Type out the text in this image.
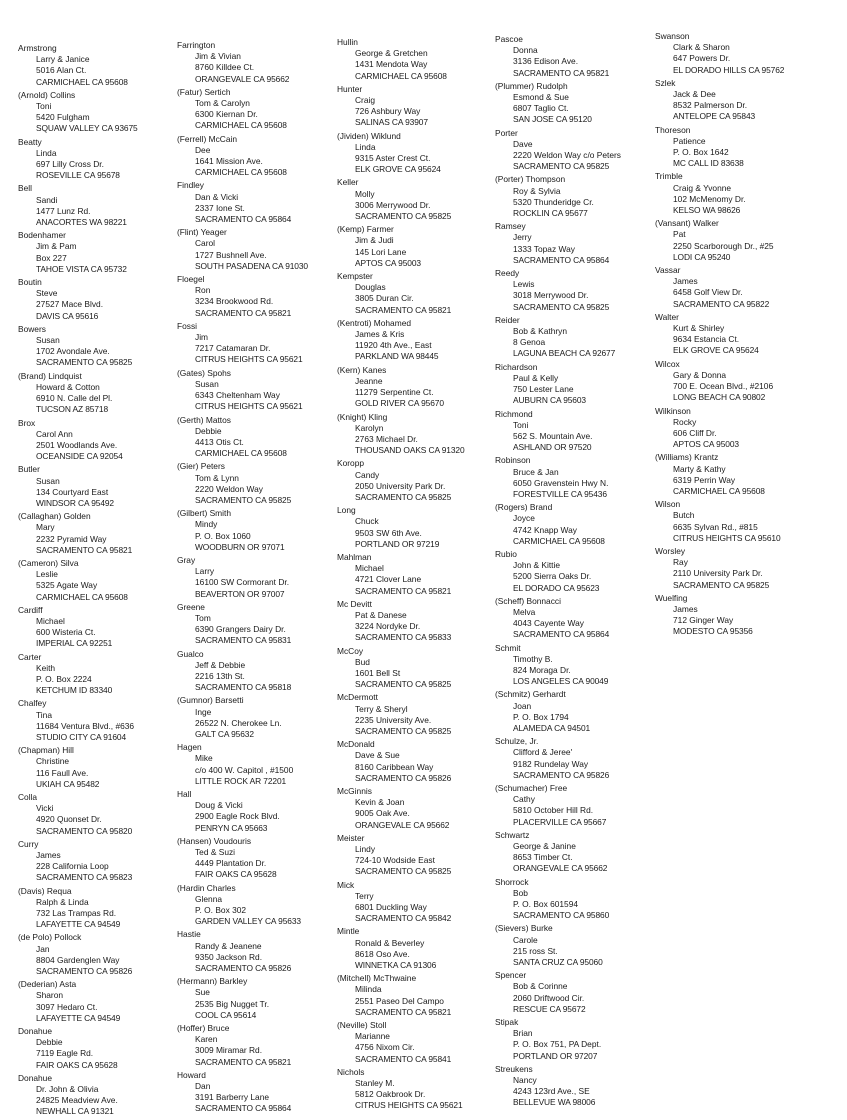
Armstrong
Larry & Janice
5016 Alan Ct.
CARMICHAEL CA 95608
(Arnold) Collins
Toni
5420 Fulgham
SQUAW VALLEY CA 93675
Beatty
Linda
697 Lilly Cross Dr.
ROSEVILLE CA 95678
Bell
Sandi
1477 Lunz Rd.
ANACORTES WA 98221
Bodenhamer
Jim & Pam
Box 227
TAHOE VISTA CA 95732
Boutin
Steve
27527 Mace Blvd.
DAVIS CA 95616
Bowers
Susan
1702 Avondale Ave.
SACRAMENTO CA 95825
(Brand) Lindquist
Howard & Cotton
6910 N. Calle del Pl.
TUCSON AZ 85718
Brox
Carol Ann
2501 Woodlands Ave.
OCEANSIDE CA 92054
Butler
Susan
134 Courtyard East
WINDSOR CA 95492
(Callaghan) Golden
Mary
2232 Pyramid Way
SACRAMENTO CA 95821
(Cameron) Silva
Leslie
5325 Agate Way
CARMICHAEL CA 95608
Cardiff
Michael
600 Wisteria Ct.
IMPERIAL CA 92251
Carter
Keith
P. O. Box 2224
KETCHUM ID 83340
Chalfey
Tina
11684 Ventura Blvd., #636
STUDIO CITY CA 91604
(Chapman) Hill
Christine
116 Faull Ave.
UKIAH CA 95482
Colla
Vicki
4920 Quonset Dr.
SACRAMENTO CA 95820
Curry
James
228 California Loop
SACRAMENTO CA 95823
(Davis) Requa
Ralph & Linda
732 Las Trampas Rd.
LAFAYETTE CA 94549
(de Polo) Pollock
Jan
8804 Gardenglen Way
SACRAMENTO CA 95826
(Dederian) Asta
Sharon
3097 Hedaro Ct.
LAFAYETTE CA 94549
Donahue
Debbie
7119 Eagle Rd.
FAIR OAKS CA 95628
Donahue
Dr. John & Olivia
24825 Meadview Ave.
NEWHALL CA 91321
Farrington
Jim & Vivian
8760 Killdee Ct.
ORANGEVALE CA 95662
(Fatur) Sertich
Tom & Carolyn
6300 Kiernan Dr.
CARMICHAEL CA 95608
(Ferrell) McCain
Dee
1641 Mission Ave.
CARMICHAEL CA 95608
Findley
Dan & Vicki
2337 Ione St.
SACRAMENTO CA 95864
(Flint) Yeager
Carol
1727 Bushnell Ave.
SOUTH PASADENA CA 91030
Floegel
Ron
3234 Brookwood Rd.
SACRAMENTO CA 95821
Fossi
Jim
7217 Catamaran Dr.
CITRUS HEIGHTS CA 95621
(Gates) Spohs
Susan
6343 Cheltenham Way
CITRUS HEIGHTS CA 95621
(Gerth) Mattos
Debbie
4413 Otis Ct.
CARMICHAEL CA 95608
(Gier) Peters
Tom & Lynn
2220 Weldon Way
SACRAMENTO CA 95825
(Gilbert) Smith
Mindy
P. O. Box 1060
WOODBURN OR 97071
Gray
Larry
16100 SW Cormorant Dr.
BEAVERTON OR 97007
Greene
Tom
6390 Grangers Dairy Dr.
SACRAMENTO CA 95831
Gualco
Jeff & Debbie
2216 13th St.
SACRAMENTO CA 95818
(Gumnor) Barsetti
Inge
26522 N. Cherokee Ln.
GALT CA 95632
Hagen
Mike
c/o 400 W. Capitol , #1500
LITTLE ROCK AR 72201
Hall
Doug & Vicki
2900 Eagle Rock Blvd.
PENRYN CA 95663
(Hansen) Voudouris
Ted & Suzi
4449 Plantation Dr.
FAIR OAKS CA 95628
(Hardin Charles
Glenna
P. O. Box 302
GARDEN VALLEY CA 95633
Hastie
Randy & Jeanene
9350 Jackson Rd.
SACRAMENTO CA 95826
(Hermann) Barkley
Sue
2535 Big Nugget Tr.
COOL CA 95614
(Hoffer) Bruce
Karen
3009 Miramar Rd.
SACRAMENTO CA 95821
Howard
Dan
3191 Barberry Lane
SACRAMENTO CA 95864
Hullin
George & Gretchen
1431 Mendota Way
CARMICHAEL CA 95608
Hunter
Craig
726 Ashbury Way
SALINAS CA 93907
(Jividen) Wiklund
Linda
9315 Aster Crest Ct.
ELK GROVE CA 95624
Keller
Molly
3006 Merrywood Dr.
SACRAMENTO CA 95825
(Kemp) Farmer
Jim & Judi
145 Lori Lane
APTOS CA 95003
Kempster
Douglas
3805 Duran Cir.
SACRAMENTO CA 95821
(Kentroti) Mohamed
James & Kris
11920 4th Ave., East
PARKLAND WA 98445
(Kern) Kanes
Jeanne
11279 Serpentine Ct.
GOLD RIVER CA 95670
(Knight) Kling
Karolyn
2763 Michael Dr.
THOUSAND OAKS CA 91320
Koropp
Candy
2050 University Park Dr.
SACRAMENTO CA 95825
Long
Chuck
9503 SW 6th Ave.
PORTLAND OR 97219
Mahlman
Michael
4721 Clover Lane
SACRAMENTO CA 95821
Mc Devitt
Pat & Danese
3224 Nordyke Dr.
SACRAMENTO CA 95833
McCoy
Bud
1601 Bell St
SACRAMENTO CA 95825
McDermott
Terry & Sheryl
2235 University Ave.
SACRAMENTO CA 95825
McDonald
Dave & Sue
8160 Caribbean Way
SACRAMENTO CA 95826
McGinnis
Kevin & Joan
9005 Oak Ave.
ORANGEVALE CA 95662
Meister
Lindy
724-10 Wodside East
SACRAMENTO CA 95825
Mick
Terry
6801 Duckling Way
SACRAMENTO CA 95842
Mintle
Ronald & Beverley
8618 Oso Ave.
WINNETKA CA 91306
(Mitchell) McThwaine
Milinda
2551 Paseo Del Campo
SACRAMENTO CA 95821
(Neville) Stoll
Marianne
4756 Nixom Cir.
SACRAMENTO CA 95841
Nichols
Stanley M.
5812 Oakbrook Dr.
CITRUS HEIGHTS CA 95621
Pascoe
Donna
3136 Edison Ave.
SACRAMENTO CA 95821
(Plummer) Rudolph
Esmond & Sue
6807 Taglio Ct.
SAN JOSE CA 95120
Porter
Dave
2220 Weldon Way c/o Peters
SACRAMENTO CA 95825
(Porter) Thompson
Roy & Sylvia
5320 Thunderidge Cr.
ROCKLIN CA 95677
Ramsey
Jerry
1333 Topaz Way
SACRAMENTO CA 95864
Reedy
Lewis
3018 Merrywood Dr.
SACRAMENTO CA 95825
Reider
Bob & Kathryn
8 Genoa
LAGUNA BEACH CA 92677
Richardson
Paul & Kelly
750 Lester Lane
AUBURN CA 95603
Richmond
Toni
562 S. Mountain Ave.
ASHLAND OR 97520
Robinson
Bruce & Jan
6050 Gravenstein Hwy N.
FORESTVILLE CA 95436
(Rogers) Brand
Joyce
4742 Knapp Way
CARMICHAEL CA 95608
Rubio
John & Kittie
5200 Sierra Oaks Dr.
EL DORADO CA 95623
(Scheff) Bonnacci
Melva
4043 Cayente Way
SACRAMENTO CA 95864
Schmit
Timothy B.
824 Moraga Dr.
LOS ANGELES CA 90049
(Schmitz) Gerhardt
Joan
P. O. Box 1794
ALAMEDA CA 94501
Schulze, Jr.
Clifford & Jeree'
9182 Rundelay Way
SACRAMENTO CA 95826
(Schumacher) Free
Cathy
5810 October Hill Rd.
PLACERVILLE CA 95667
Schwartz
George & Janine
8653 Timber Ct.
ORANGEVALE CA 95662
Shorrock
Bob
P. O. Box 601594
SACRAMENTO CA 95860
(Sievers) Burke
Carole
215 ross St.
SANTA CRUZ CA 95060
Spencer
Bob & Corinne
2060 Driftwood Cir.
RESCUE CA 95672
Stipak
Brian
P. O. Box 751, PA Dept.
PORTLAND OR 97207
Streukens
Nancy
4243 123rd Ave., SE
BELLEVUE WA 98006
Swanson
Clark & Sharon
647 Powers Dr.
EL DORADO HILLS CA 95762
Szlek
Jack & Dee
8532 Palmerson Dr.
ANTELOPE CA 95843
Thoreson
Patience
P. O. Box 1642
MC CALL ID 83638
Trimble
Craig & Yvonne
102 McMenomy Dr.
KELSO WA 98626
(Vansant) Walker
Pat
2250 Scarborough Dr., #25
LODI CA 95240
Vassar
James
6458 Golf View Dr.
SACRAMENTO CA 95822
Walter
Kurt & Shirley
9634 Estancia Ct.
ELK GROVE CA 95624
Wilcox
Gary & Donna
700 E. Ocean Blvd., #2106
LONG BEACH CA 90802
Wilkinson
Rocky
606 Cliff Dr.
APTOS CA 95003
(Williams) Krantz
Marty & Kathy
6319 Perrin Way
CARMICHAEL CA 95608
Wilson
Butch
6635 Sylvan Rd., #815
CITRUS HEIGHTS CA 95610
Worsley
Ray
2110 University Park Dr.
SACRAMENTO CA 95825
Wuelfing
James
712 Ginger Way
MODESTO CA 95356
